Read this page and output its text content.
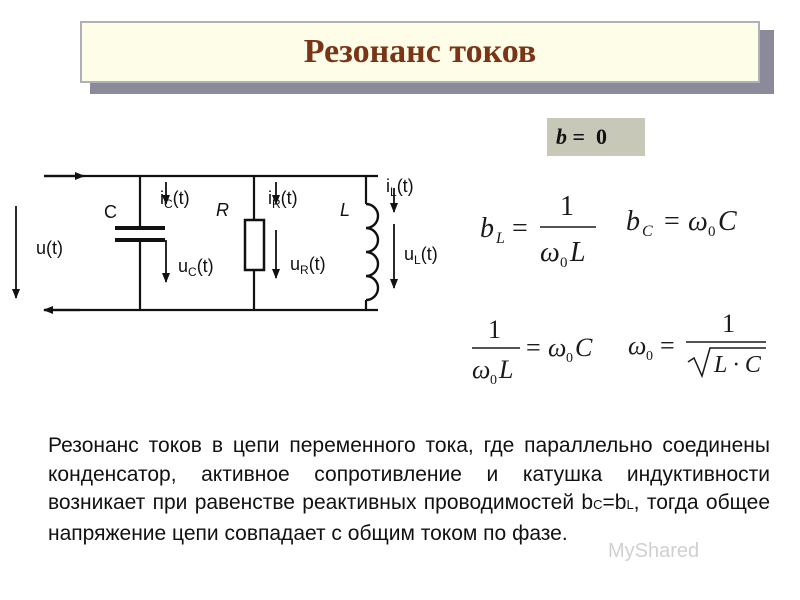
Резонанс токов
b =  0
u(t)
C	R	L
$i_C(t)$
$u_C(t)$
$i_R(t)$
$u_R(t)$
$i_L(t)$
$u_L(t)$
b L =
1
ω 0 L
b C = ω 0 C
1
ω 0 L
= ω 0 C ω 0 =
1
L · C
Резонанс токов в цепи переменного тока, где параллельно соединены конденсатор, активное сопротивление и катушка индуктивности возникает при равенстве реактивных проводимостей bC=bL, тогда общее напряжение цепи совпадает с общим током по фазе.
MyShared
